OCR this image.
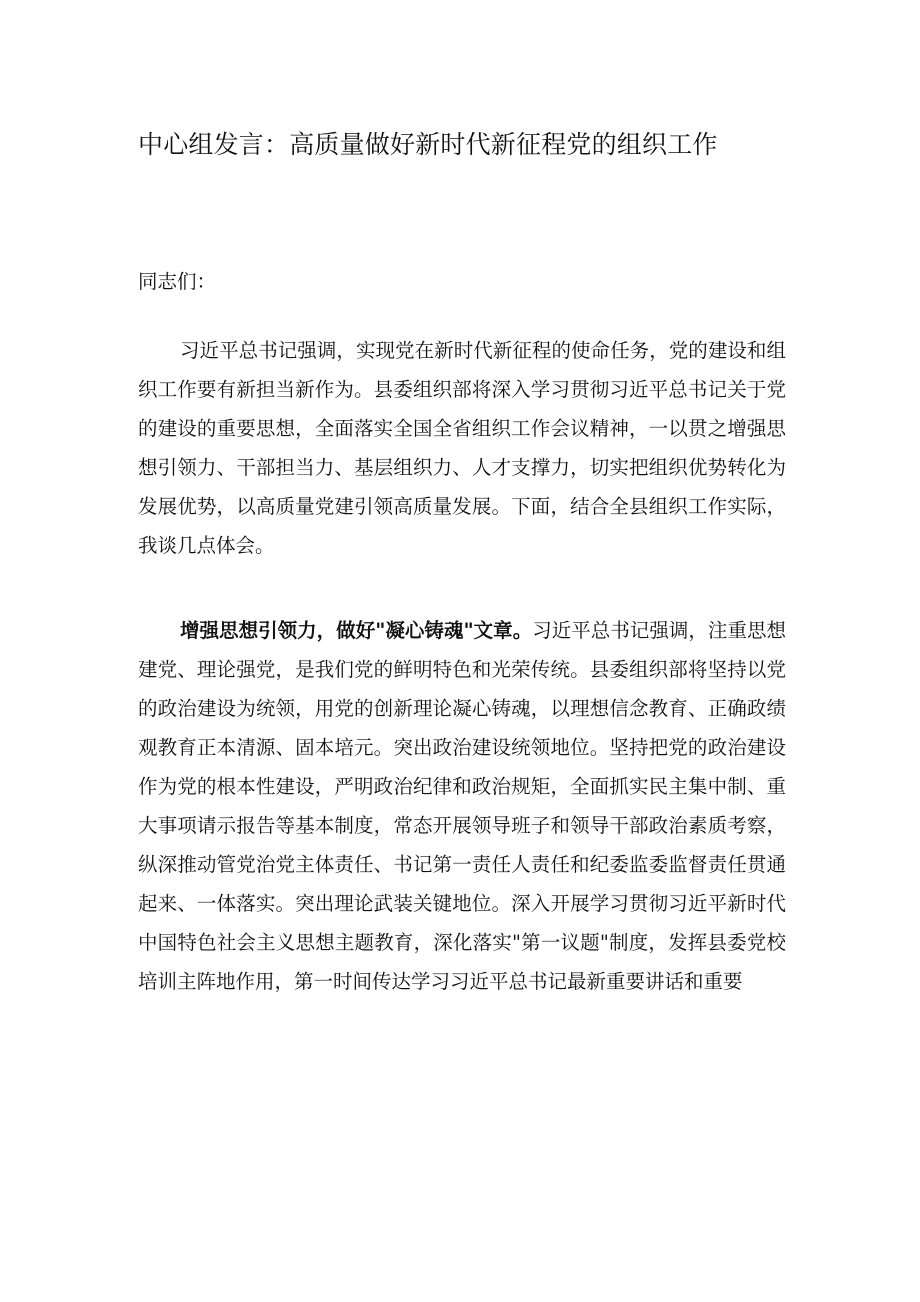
中心组发言：高质量做好新时代新征程党的组织工作

同志们：

习近平总书记强调，实现党在新时代新征程的使命任务，党的建设和组织工作要有新担当新作为。县委组织部将深入学习贯彻习近平总书记关于党的建设的重要思想，全面落实全国全省组织工作会议精神，一以贯之增强思想引领力、干部担当力、基层组织力、人才支撑力，切实把组织优势转化为发展优势，以高质量党建引领高质量发展。下面，结合全县组织工作实际，我谈几点体会。

增强思想引领力，做好"凝心铸魂"文章。习近平总书记强调，注重思想建党、理论强党，是我们党的鲜明特色和光荣传统。县委组织部将坚持以党的政治建设为统领，用党的创新理论凝心铸魂，以理想信念教育、正确政绩观教育正本清源、固本培元。突出政治建设统领地位。坚持把党的政治建设作为党的根本性建设，严明政治纪律和政治规矩，全面抓实民主集中制、重大事项请示报告等基本制度，常态开展领导班子和领导干部政治素质考察，纵深推动管党治党主体责任、书记第一责任人责任和纪委监委监督责任贯通起来、一体落实。突出理论武装关键地位。深入开展学习贯彻习近平新时代中国特色社会主义思想主题教育，深化落实"第一议题"制度，发挥县委党校培训主阵地作用，第一时间传达学习习近平总书记最新重要讲话和重要
